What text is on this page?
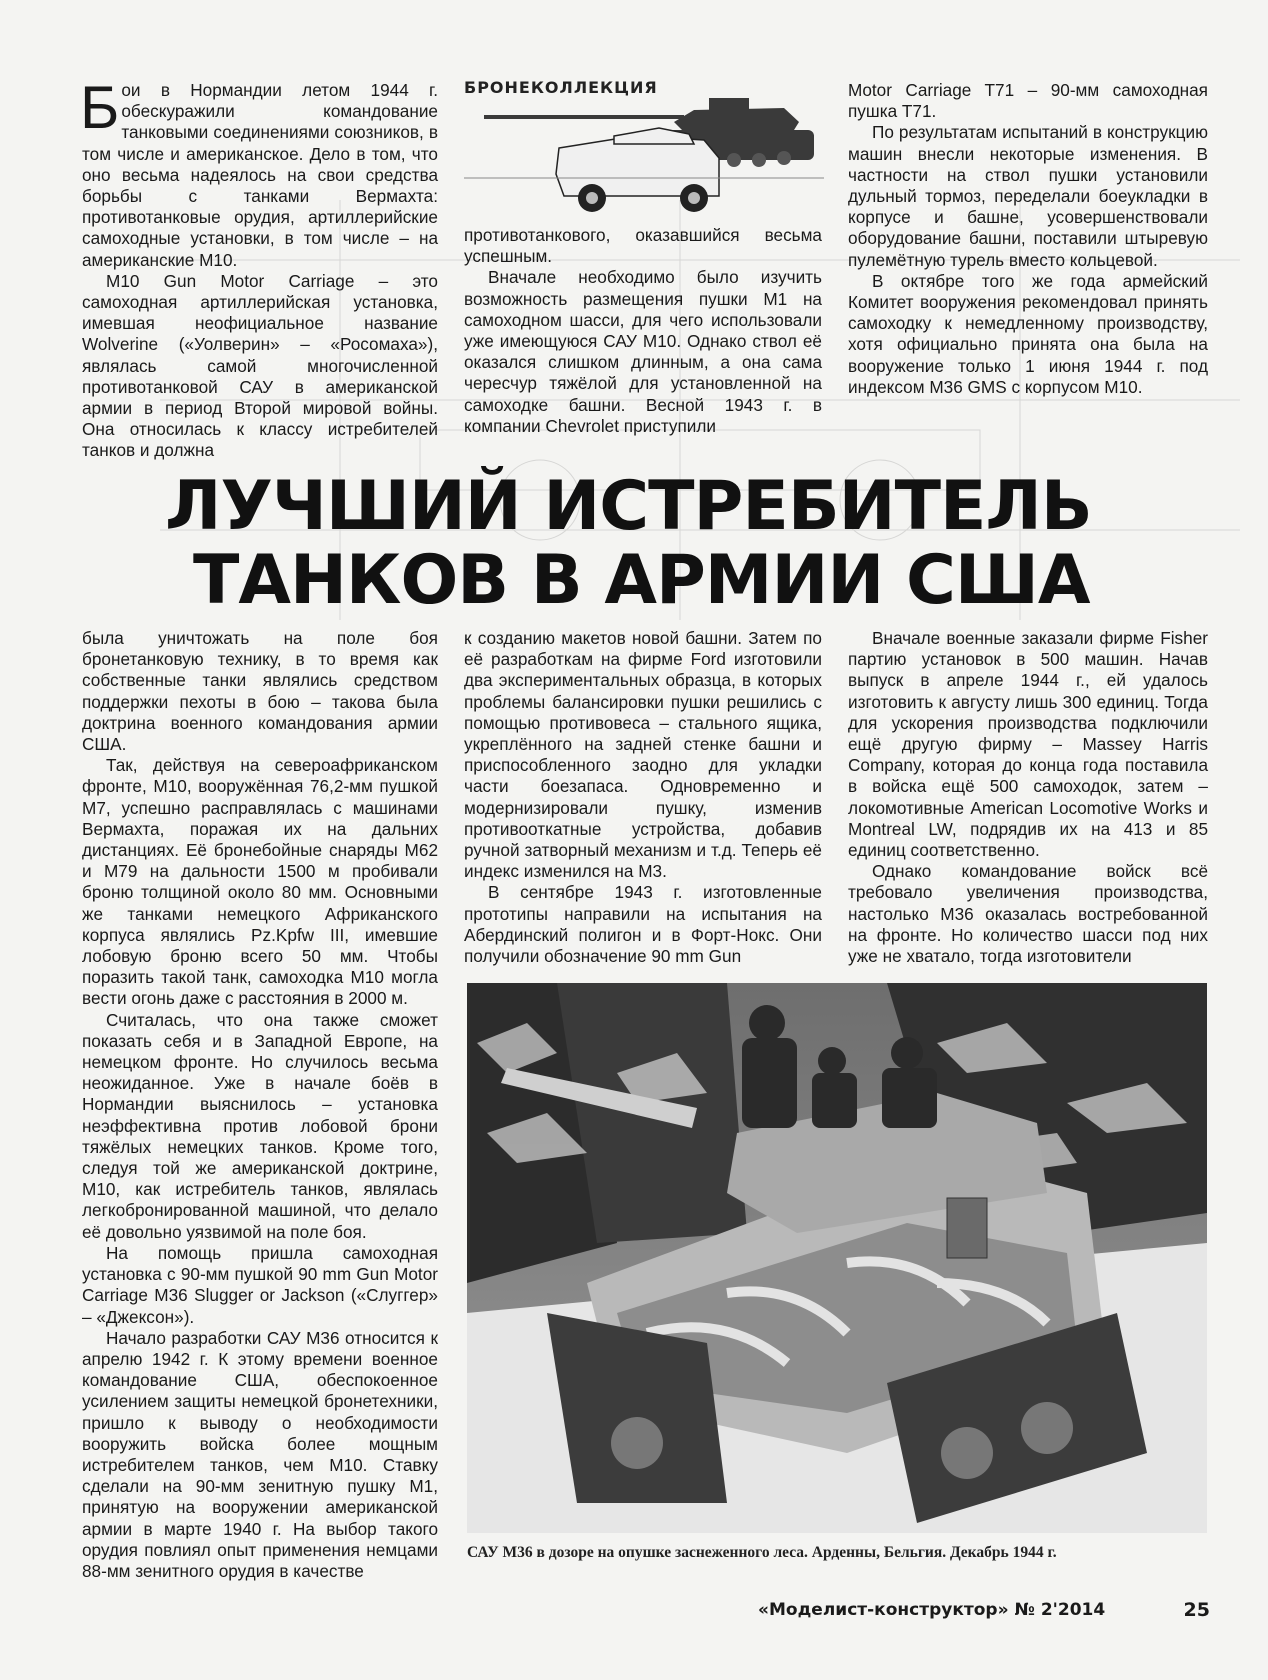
Бои в Нормандии летом 1944 г. обескуражили командование танковыми соединениями союзников, в том числе и американское. Дело в том, что оно весьма надеялось на свои средства борьбы с танками Вермахта: противотанковые орудия, артиллерийские самоходные установки, в том числе – на американские М10.

M10 Gun Motor Carriage – это самоходная артиллерийская установка, имевшая неофициальное название Wolverine («Уолверин» – «Росомаха»), являлась самой многочисленной противотанковой САУ в американской армии в период Второй мировой войны. Она относилась к классу истребителей танков и должна

БРОНЕКОЛЛЕКЦИЯ

противотанкового, оказавшийся весьма успешным.

Вначале необходимо было изучить возможность размещения пушки М1 на самоходном шасси, для чего использовали уже имеющуюся САУ М10. Однако ствол её оказался слишком длинным, а она сама чересчур тяжёлой для установленной на самоходке башни. Весной 1943 г. в компании Chevrolet приступили

Motor Carriage T71 – 90-мм самоходная пушка Т71.

По результатам испытаний в конструкцию машин внесли некоторые изменения. В частности на ствол пушки установили дульный тормоз, переделали боеукладки в корпусе и башне, усовершенствовали оборудование башни, поставили штыревую пулемётную турель вместо кольцевой.

В октябре того же года армейский Комитет вооружения рекомендовал принять самоходку к немедленному производству, хотя официально принята она была на вооружение только 1 июня 1944 г. под индексом М36 GMS с корпусом М10.

ЛУЧШИЙ ИСТРЕБИТЕЛЬ
ТАНКОВ В АРМИИ США

была уничтожать на поле боя бронетанковую технику, в то время как собственные танки являлись средством поддержки пехоты в бою – такова была доктрина военного командования армии США.

Так, действуя на североафриканском фронте, M10, вооружённая 76,2-мм пушкой M7, успешно расправлялась с машинами Вермахта, поражая их на дальних дистанциях. Её бронебойные снаряды M62 и M79 на дальности 1500 м пробивали броню толщиной около 80 мм. Основными же танками немецкого Африканского корпуса являлись Pz.Kpfw III, имевшие лобовую броню всего 50 мм. Чтобы поразить такой танк, самоходка M10 могла вести огонь даже с расстояния в 2000 м.

Считалась, что она также сможет показать себя и в Западной Европе, на немецком фронте. Но случилось весьма неожиданное. Уже в начале боёв в Нормандии выяснилось – установка неэффективна против лобовой брони тяжёлых немецких танков. Кроме того, следуя той же американской доктрине, M10, как истребитель танков, являлась легкобронированной машиной, что делало её довольно уязвимой на поле боя.

На помощь пришла самоходная установка с 90-мм пушкой 90 mm Gun Motor Carriage M36 Slugger or Jackson («Слуггер» – «Джексон»).

Начало разработки САУ М36 относится к апрелю 1942 г. К этому времени военное командование США, обеспокоенное усилением защиты немецкой бронетехники, пришло к выводу о необходимости вооружить войска более мощным истребителем танков, чем M10. Ставку сделали на 90-мм зенитную пушку М1, принятую на вооружении американской армии в марте 1940 г. На выбор такого орудия повлиял опыт применения немцами 88-мм зенитного орудия в качестве

к созданию макетов новой башни. Затем по её разработкам на фирме Ford изготовили два экспериментальных образца, в которых проблемы балансировки пушки решились с помощью противовеса – стального ящика, укреплённого на задней стенке башни и приспособленного заодно для укладки части боезапаса. Одновременно и модернизировали пушку, изменив противооткатные устройства, добавив ручной затворный механизм и т.д. Теперь её индекс изменился на М3.

В сентябре 1943 г. изготовленные прототипы направили на испытания на Абердинский полигон и в Форт-Нокс. Они получили обозначение 90 mm Gun

Вначале военные заказали фирме Fisher партию установок в 500 машин. Начав выпуск в апреле 1944 г., ей удалось изготовить к августу лишь 300 единиц. Тогда для ускорения производства подключили ещё другую фирму – Massey Harris Company, которая до конца года поставила в войска ещё 500 самоходок, затем – локомотивные American Locomotive Works и Montreal LW, подрядив их на 413 и 85 единиц соответственно.

Однако командование войск всё требовало увеличения производства, настолько М36 оказалась востребованной на фронте. Но количество шасси под них уже не хватало, тогда изготовители

САУ М36 в дозоре на опушке заснеженного леса. Арденны, Бельгия. Декабрь 1944 г.
«Моделист-конструктор» № 2'2014	25
